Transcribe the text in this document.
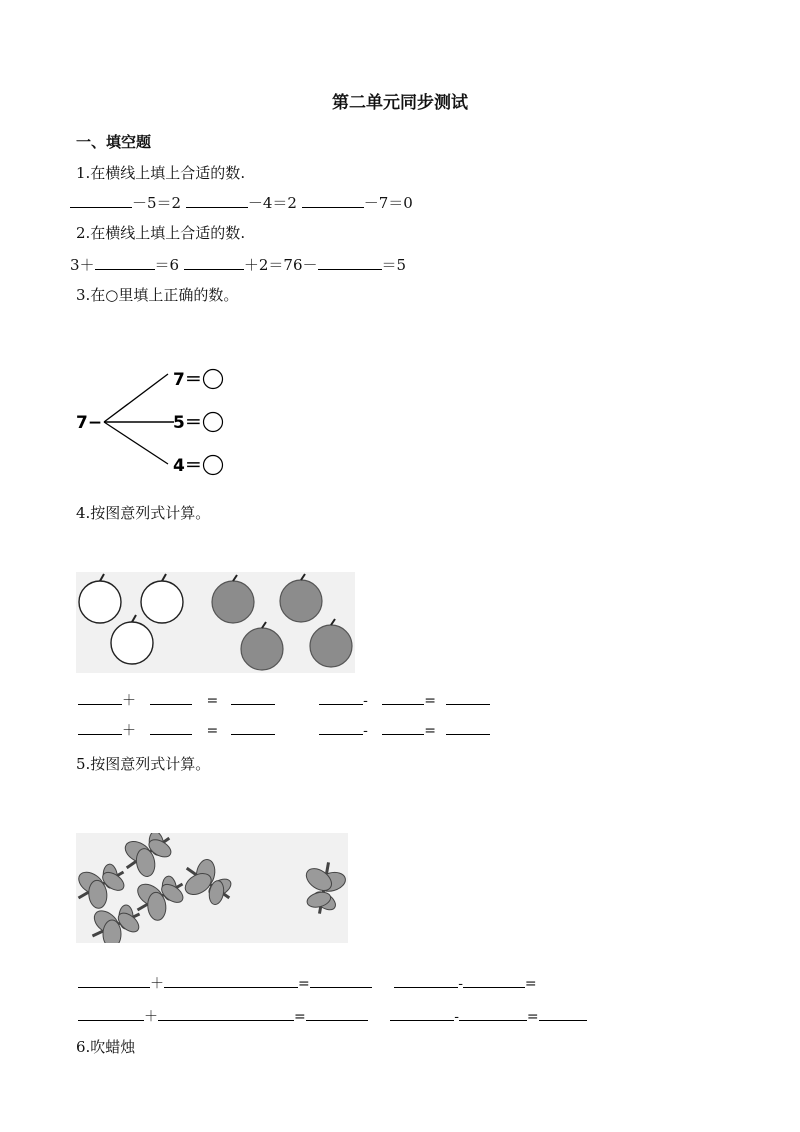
第二单元同步测试
一、填空题
1.在横线上填上合适的数.
－5＝2	－4＝2	－7＝0
2.在横线上填上合适的数.
3＋	＝6	＋2＝76－	＝5
3.在○里填上正确的数。
7−
7＝
5＝
4＝
4.按图意列式计算。
＋	=	-	=
＋	=	-	=
5.按图意列式计算。
＋	=	-	=
＋	=	-	=
6.吹蜡烛
